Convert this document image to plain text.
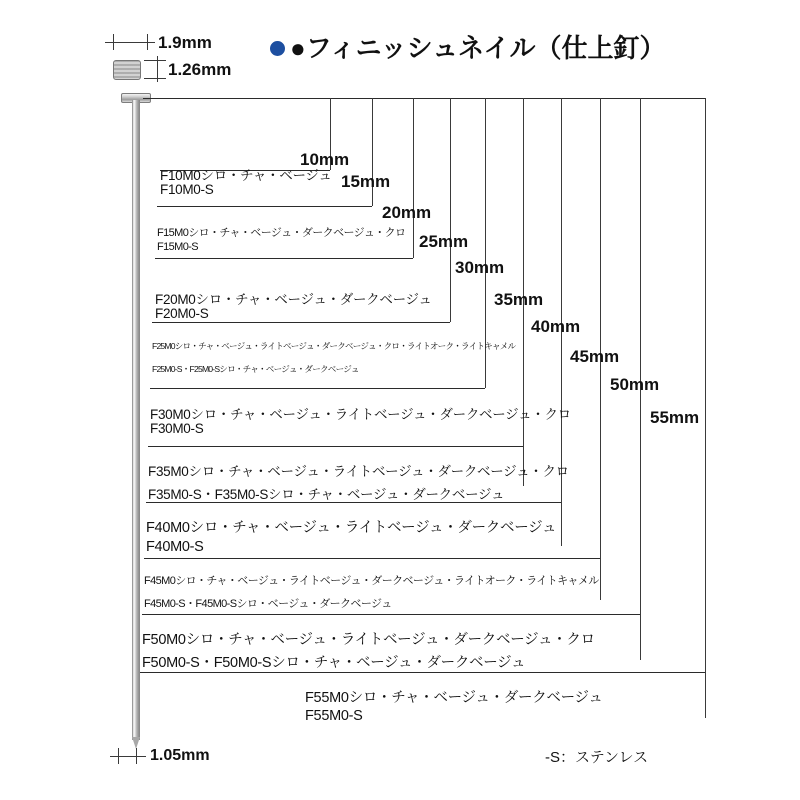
●フィニッシュネイル（仕上釘）
1.9mm
1.26mm
10mm
15mm
20mm
25mm
30mm
35mm
40mm
45mm
50mm
55mm
F10M0シロ・チャ・ベージュ
F10M0-S
F15M0シロ・チャ・ベージュ・ダークベージュ・クロ
F15M0-S
F20M0シロ・チャ・ベージュ・ダークベージュ
F20M0-S
F25M0シロ・チャ・ベージュ・ライトベージュ・ダークベージュ・クロ・ライトオーク・ライトキャメル
F25M0-S・F25M0-Sシロ・チャ・ベージュ・ダークベージュ
F30M0シロ・チャ・ベージュ・ライトベージュ・ダークベージュ・クロ
F30M0-S
F35M0シロ・チャ・ベージュ・ライトベージュ・ダークベージュ・クロ
F35M0-S・F35M0-Sシロ・チャ・ベージュ・ダークベージュ
F40M0シロ・チャ・ベージュ・ライトベージュ・ダークベージュ
F40M0-S
F45M0シロ・チャ・ベージュ・ライトベージュ・ダークベージュ・ライトオーク・ライトキャメル
F45M0-S・F45M0-Sシロ・ベージュ・ダークベージュ
F50M0シロ・チャ・ベージュ・ライトベージュ・ダークベージュ・クロ
F50M0-S・F50M0-Sシロ・チャ・ベージュ・ダークベージュ
F55M0シロ・チャ・ベージュ・ダークベージュ
F55M0-S
1.05mm	-S：ステンレス
